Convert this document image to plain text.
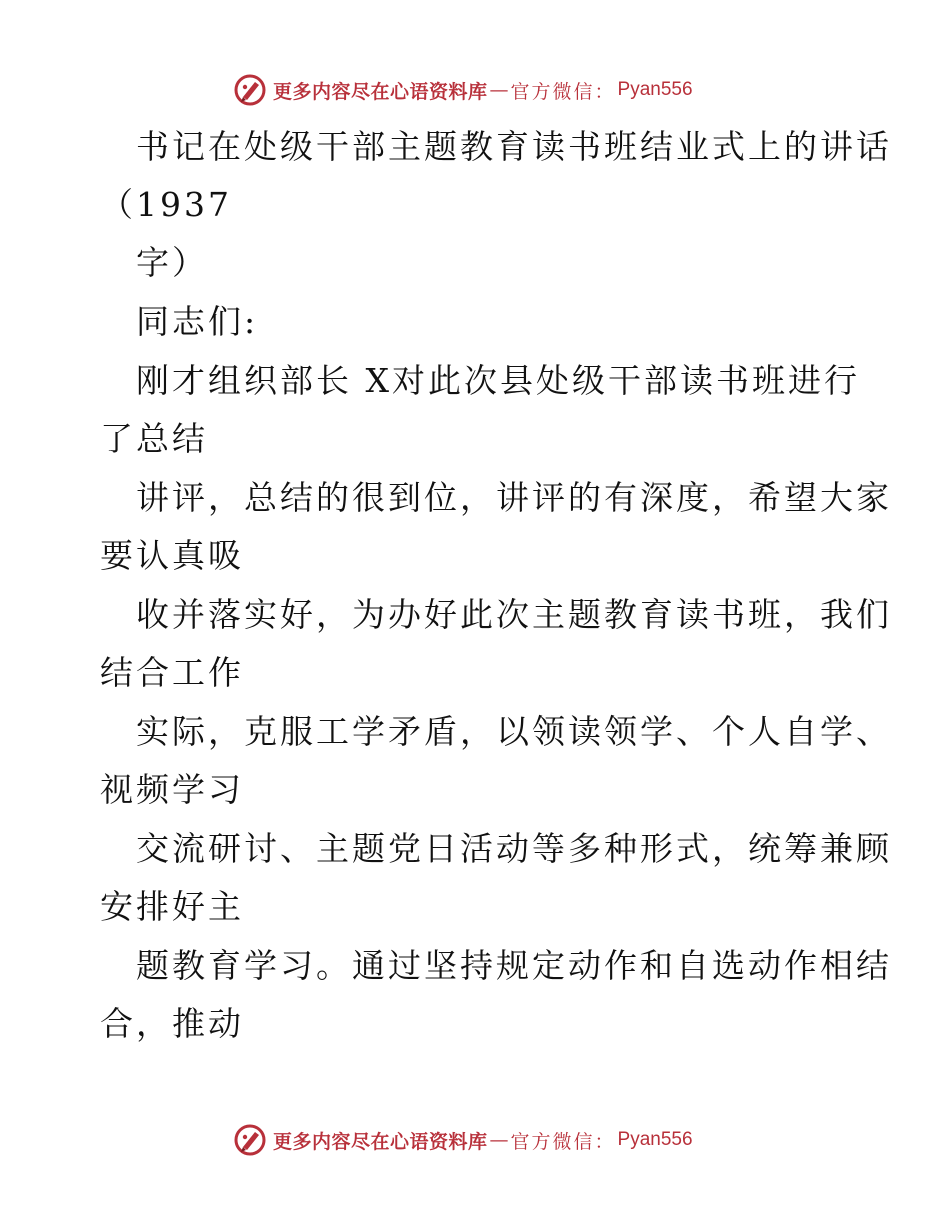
更多内容尽在心语资料库 — 官方微信： Pyan556
书记在处级干部主题教育读书班结业式上的讲话
（1937
字）
同志们:
刚才组织部长 X对此次县处级干部读书班进行
了总结
讲评，总结的很到位，讲评的有深度，希望大家
要认真吸
收并落实好，为办好此次主题教育读书班，我们
结合工作
实际，克服工学矛盾，以领读领学、个人自学、
视频学习
交流研讨、主题党日活动等多种形式，统筹兼顾
安排好主
题教育学习。通过坚持规定动作和自选动作相结
合，推动
更多内容尽在心语资料库 — 官方微信： Pyan556
